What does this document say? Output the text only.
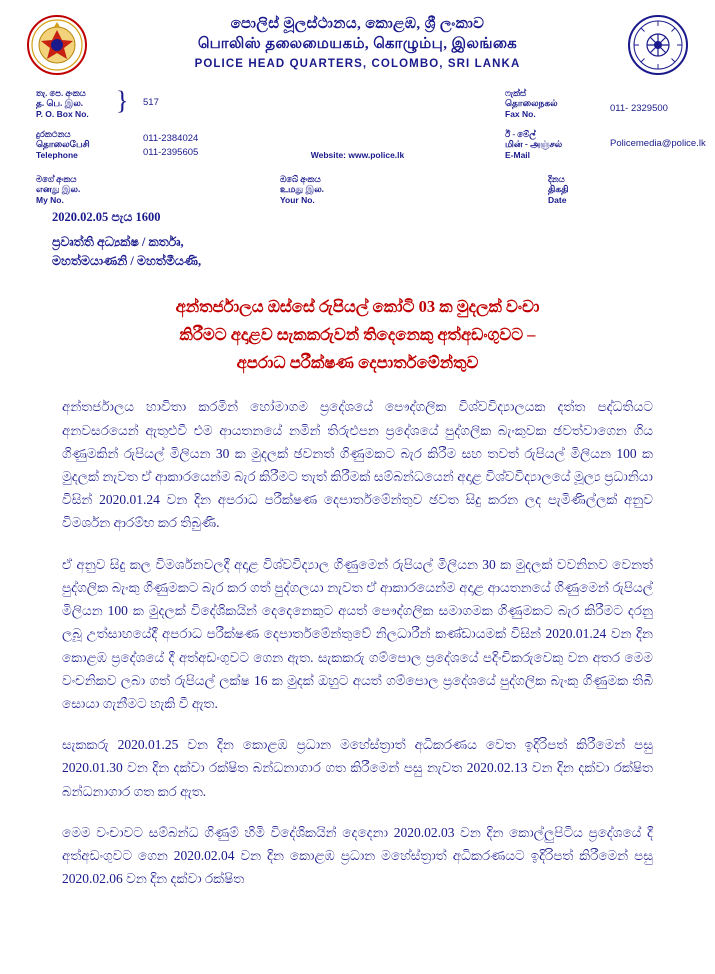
පොලිස් මූලස්ථානය, කොළඹ, ශ්‍රී ලංකාව
பொலிஸ் தலைமையகம், கொழும்பு, இலங்கை
POLICE HEAD QUARTERS, COLOMBO, SRI LANKA
තැ. පෙ. අංකය
த. பெ. இல.
P. O. Box No. } 517
ෆැක්ස්
தொலைநகல்
Fax No.
011- 2329500
දුරකථනය
தொலைபேசி
Telephone
011-2384024
011-2395605
ඊ - මේල්
மின் - அஞ்சல்
E-Mail
Policemedia@police.lk
Website: www.police.lk
මගේ අංකය
எனது இல.
My No.
ඔබේ අංකය
உமது இல.
Your No.
දිනය
திகதி
Date
2020.02.05 පැය 1600
ප්‍රවෘත්ති අධ්‍යක්ෂ / කර්තෘ,
මහත්මයාණනි / මහත්මීයණි,
අන්තර්ජාලය ඔස්සේ රුපියල් කෝටි 03 ක මුදලක් වංචා
කිරීමට අදාළව සැකකරුවන් තිදෙනෙකු අත්අඩංගුවට –
අපරාධ පරීක්ෂණ දෙපාර්තමේන්තුව

අන්තර්ජාලය හාවිතා කරමින් හෝමාගම ප්‍රදේශයේ පෞද්ගලික විශ්වවිද්‍යාලයක දත්ත පද්ධතියට අනවසරයෙන් ඇතුළුවී එම ආයතනයේ නමින් තිරුළුපන ප්‍රදේශයේ පුද්ගලික බැංකුවක ඡවත්වාගෙන ගිය ගිණුමකින් රුපියල් මිලියන 30 ක මුදලක් ඡවනත් ගිණුමකට බැර කිරීම සහ තවත් රුපියල් මිලියන 100 ක මුදලක් නැවත ඒ ආකාරයෙන්ම බැර කිරීමට තැත් කිරීමක් සම්බන්ධයෙන් අදාළ විශ්වවිද්‍යාලයේ මූල්‍ය ප්‍රධානියා විසින් 2020.01.24 වන දින අපරාධ පරීක්ෂණ දෙපාර්තමේන්තුව ඡවත සිදු කරන ලද පැමිණිල්ලක් අනුව විමර්ශන ආරම්භ කර තිබුණි.

ඒ අනුව සිදු කල විමර්ශනවලදී අදාළ විශ්වවිද්‍යාල ගිණුමෙන් රුපියල් මිලියන 30 ක මුදලක් වවනිනව වෙනත් පුද්ගලික බැංකු ගිණුමකට බැර කර ගත් පුද්ගලයා නැවත ඒ ආකාරයෙන්ම අදාළ ආයතනයේ ගිණුමෙන් රුපියල් මිලියන 100 ක මුදලක් විදේශිකයින් දෙදෙනෙකුට අයත් පෞද්ගලික සමාගමක ගිණුමකට බැර කිරීමට දරනු ලබූ උත්සාහයේදී අපරාධ පරීක්ෂණ දෙපාර්තමේන්තුවේ නිලධාරීන් කණ්ඩායමක් විසින් 2020.01.24 වන දින කොළඹ ප්‍රදේශයේ දී අත්අඩංගුවට ගෙන ඇත. සැකකරු ගම්පොල ප්‍රදේශයේ පදිංචිකරුවෙකු වන අතර මෙම වංචනිකව ලබා ගත් රුපියල් ලක්ෂ 16 ක මුදක් ඔහුට අයත් ගම්පොල ප්‍රදේශයේ පුද්ගලික බැංකු ගිණුමක තිබී සොයා ගැනීමට හැකි වී ඇත.

සැකකරු 2020.01.25 වන දින කොළඹ ප්‍රධාන මහේස්ත්‍රාත් අධිකරණය වෙත ඉදිරිපත් කිරීමෙන් පසු 2020.01.30 වන දින දක්වා රක්ෂිත බන්ධනාගාර ගත කිරීමෙන් පසු නැවත 2020.02.13 වන දින දක්වා රක්ෂිත බන්ධනාගාර ගත කර ඇත.

මෙම වංචාවට සම්බන්ධ ගිණුම් හිමි විදේශිකයින් දෙදෙනා 2020.02.03 වන දින කොල්ලුපිටිය ප්‍රදේශයේ දී අත්අඩංගුවට ගෙන 2020.02.04 වන දින කොළඹ ප්‍රධාන මහේස්ත්‍රාත් අධිකරණයට ඉදිරිපත් කිරීමෙන් පසු 2020.02.06 වන දින දක්වා රක්ෂිත
